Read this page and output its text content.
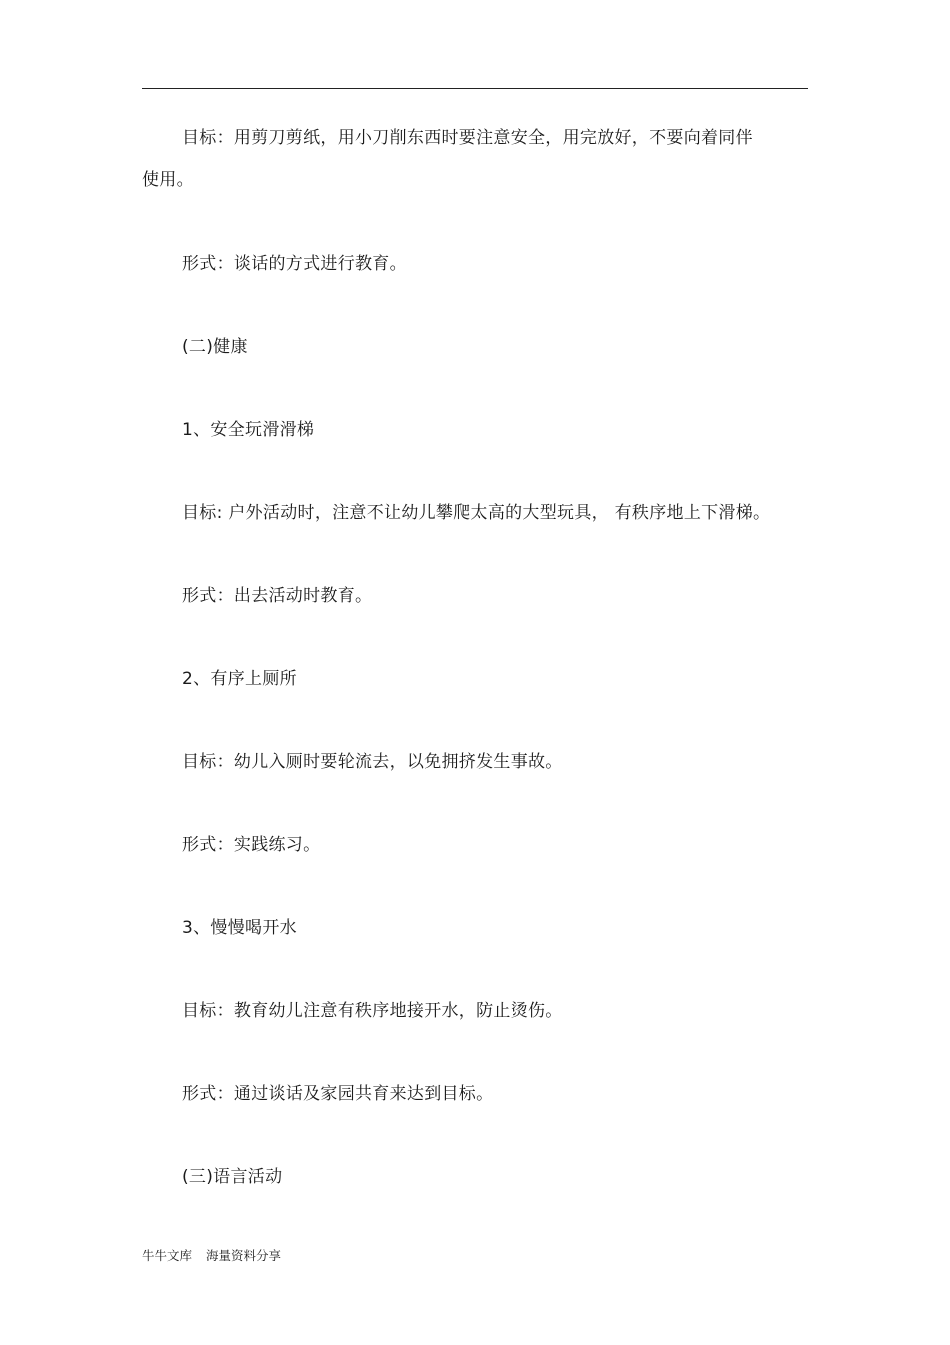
目标：用剪刀剪纸，用小刀削东西时要注意安全，用完放好，不要向着同伴
使用。
形式：谈话的方式进行教育。
(二)健康
1、安全玩滑滑梯
目标: 户外活动时，注意不让幼儿攀爬太高的大型玩具， 有秩序地上下滑梯。
形式：出去活动时教育。
2、有序上厕所
目标：幼儿入厕时要轮流去，以免拥挤发生事故。
形式：实践练习。
3、慢慢喝开水
目标：教育幼儿注意有秩序地接开水，防止烫伤。
形式：通过谈话及家园共育来达到目标。
(三)语言活动
牛牛文库 海量资料分享
